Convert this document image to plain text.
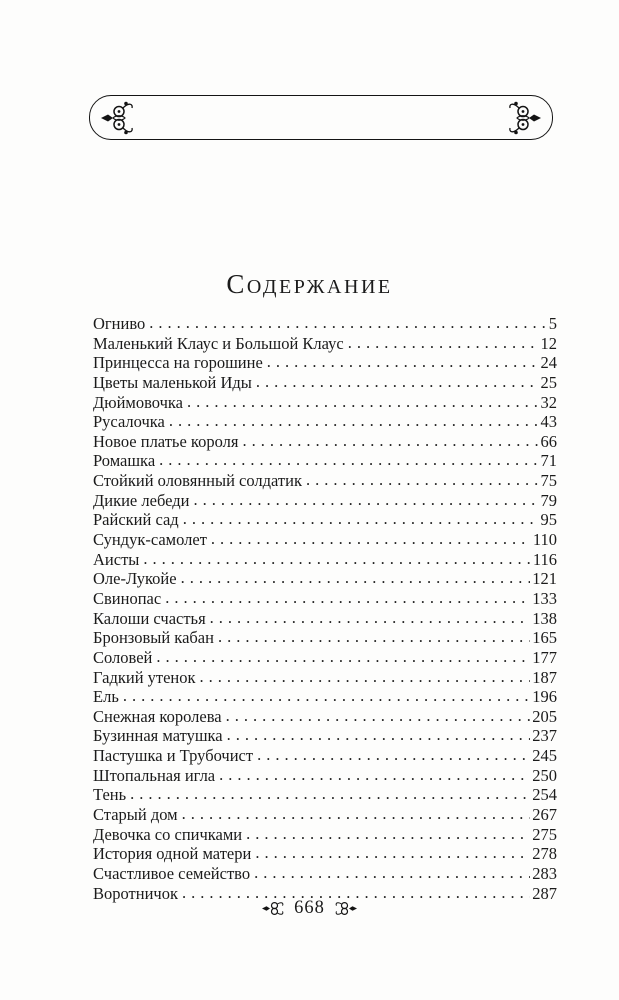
СОДЕРЖАНИЕ
Огниво .....	5
Маленький Клаус и Большой Клаус .....	12
Принцесса на горошине .....	24
Цветы маленькой Иды .....	25
Дюймовочка .....	32
Русалочка .....	43
Новое платье короля .....	66
Ромашка .....	71
Стойкий оловянный солдатик .....	75
Дикие лебеди .....	79
Райский сад .....	95
Сундук-самолет .....	110
Аисты .....	116
Оле-Лукойе .....	121
Свинопас .....	133
Калоши счастья .....	138
Бронзовый кабан .....	165
Соловей .....	177
Гадкий утенок .....	187
Ель .....	196
Снежная королева .....	205
Бузинная матушка .....	237
Пастушка и Трубочист .....	245
Штопальная игла .....	250
Тень .....	254
Старый дом .....	267
Девочка со спичками .....	275
История одной матери .....	278
Счастливое семейство .....	283
Воротничок .....	287
668
